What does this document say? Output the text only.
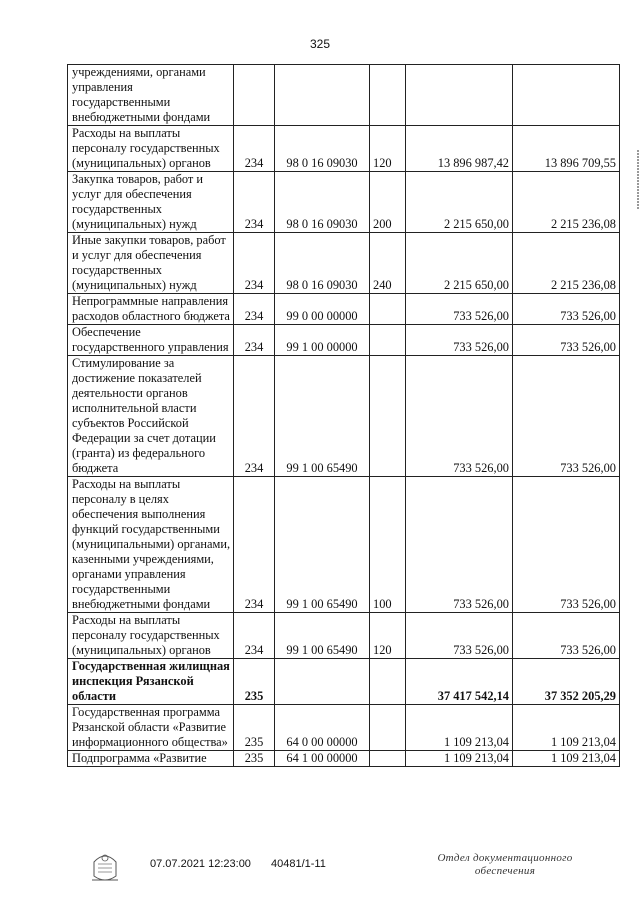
325
учреждениями, органами управления государственными внебюджетными фондами					
Расходы на выплаты персоналу государственных (муниципальных) органов	234	98 0 16 09030	120	13 896 987,42	13 896 709,55
Закупка товаров, работ и услуг для обеспечения государственных (муниципальных) нужд	234	98 0 16 09030	200	2 215 650,00	2 215 236,08
Иные закупки товаров, работ и услуг для обеспечения государственных (муниципальных) нужд	234	98 0 16 09030	240	2 215 650,00	2 215 236,08
Непрограммные направления расходов областного бюджета	234	99 0 00 00000		733 526,00	733 526,00
Обеспечение государственного управления	234	99 1 00 00000		733 526,00	733 526,00
Стимулирование за достижение показателей деятельности органов исполнительной власти субъектов Российской Федерации за счет дотации (гранта) из федерального бюджета	234	99 1 00 65490		733 526,00	733 526,00
Расходы на выплаты персоналу в целях обеспечения выполнения функций государственными (муниципальными) органами, казенными учреждениями, органами управления государственными внебюджетными фондами	234	99 1 00 65490	100	733 526,00	733 526,00
Расходы на выплаты персоналу государственных (муниципальных) органов	234	99 1 00 65490	120	733 526,00	733 526,00
Государственная жилищная инспекция Рязанской области	235			37 417 542,14	37 352 205,29
Государственная программа Рязанской области «Развитие информационного общества»	235	64 0 00 00000		1 109 213,04	1 109 213,04
Подпрограмма «Развитие	235	64 1 00 00000		1 109 213,04	1 109 213,04
07.07.2021 12:23:00 40481/1-11	Отдел документационного
обеспечения
